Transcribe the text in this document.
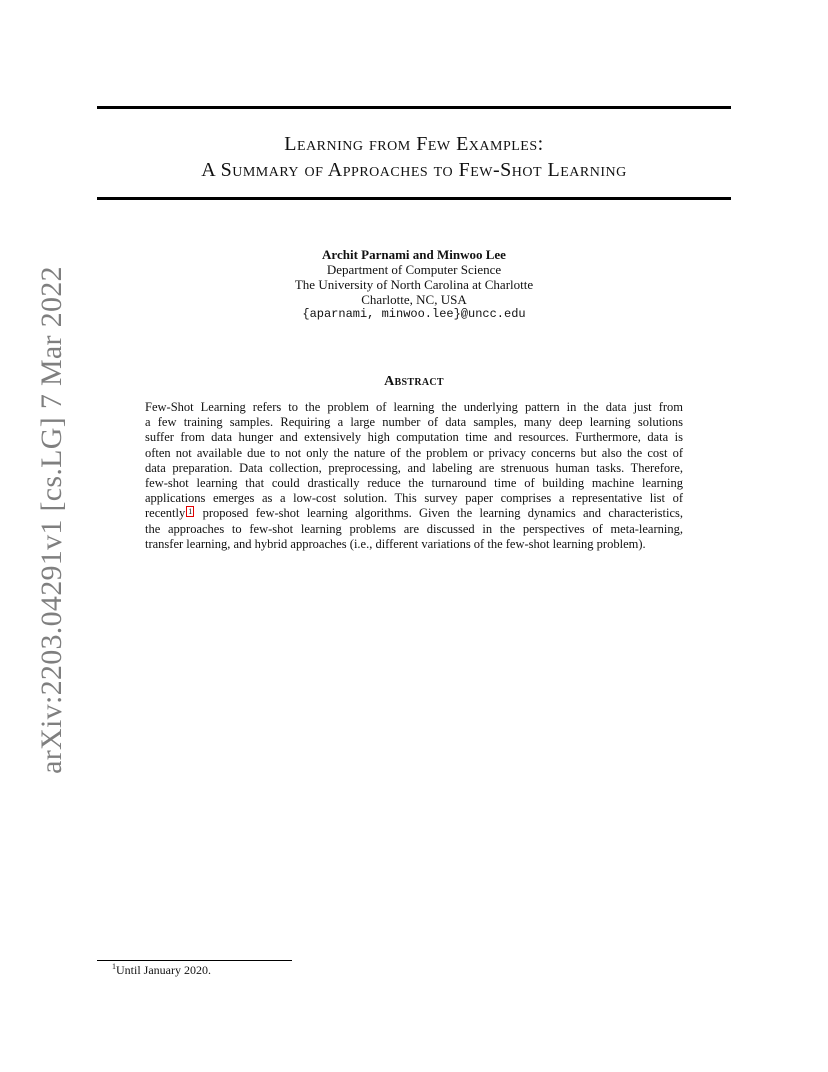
arXiv:2203.04291v1 [cs.LG] 7 Mar 2022
Learning from Few Examples:
A Summary of Approaches to Few-Shot Learning
Archit Parnami and Minwoo Lee
Department of Computer Science
The University of North Carolina at Charlotte
Charlotte, NC, USA
{aparnami, minwoo.lee}@uncc.edu
Abstract
Few-Shot Learning refers to the problem of learning the underlying pattern in the data just from
a few training samples. Requiring a large number of data samples, many deep learning solutions
suffer from data hunger and extensively high computation time and resources. Furthermore, data is
often not available due to not only the nature of the problem or privacy concerns but also the cost of
data preparation. Data collection, preprocessing, and labeling are strenuous human tasks. Therefore,
few-shot learning that could drastically reduce the turnaround time of building machine learning
applications emerges as a low-cost solution. This survey paper comprises a representative list of
recently 1 proposed few-shot learning algorithms. Given the learning dynamics and characteristics,
the approaches to few-shot learning problems are discussed in the perspectives of meta-learning,
transfer learning, and hybrid approaches (i.e., different variations of the few-shot learning problem).
$^1$Until January 2020.
